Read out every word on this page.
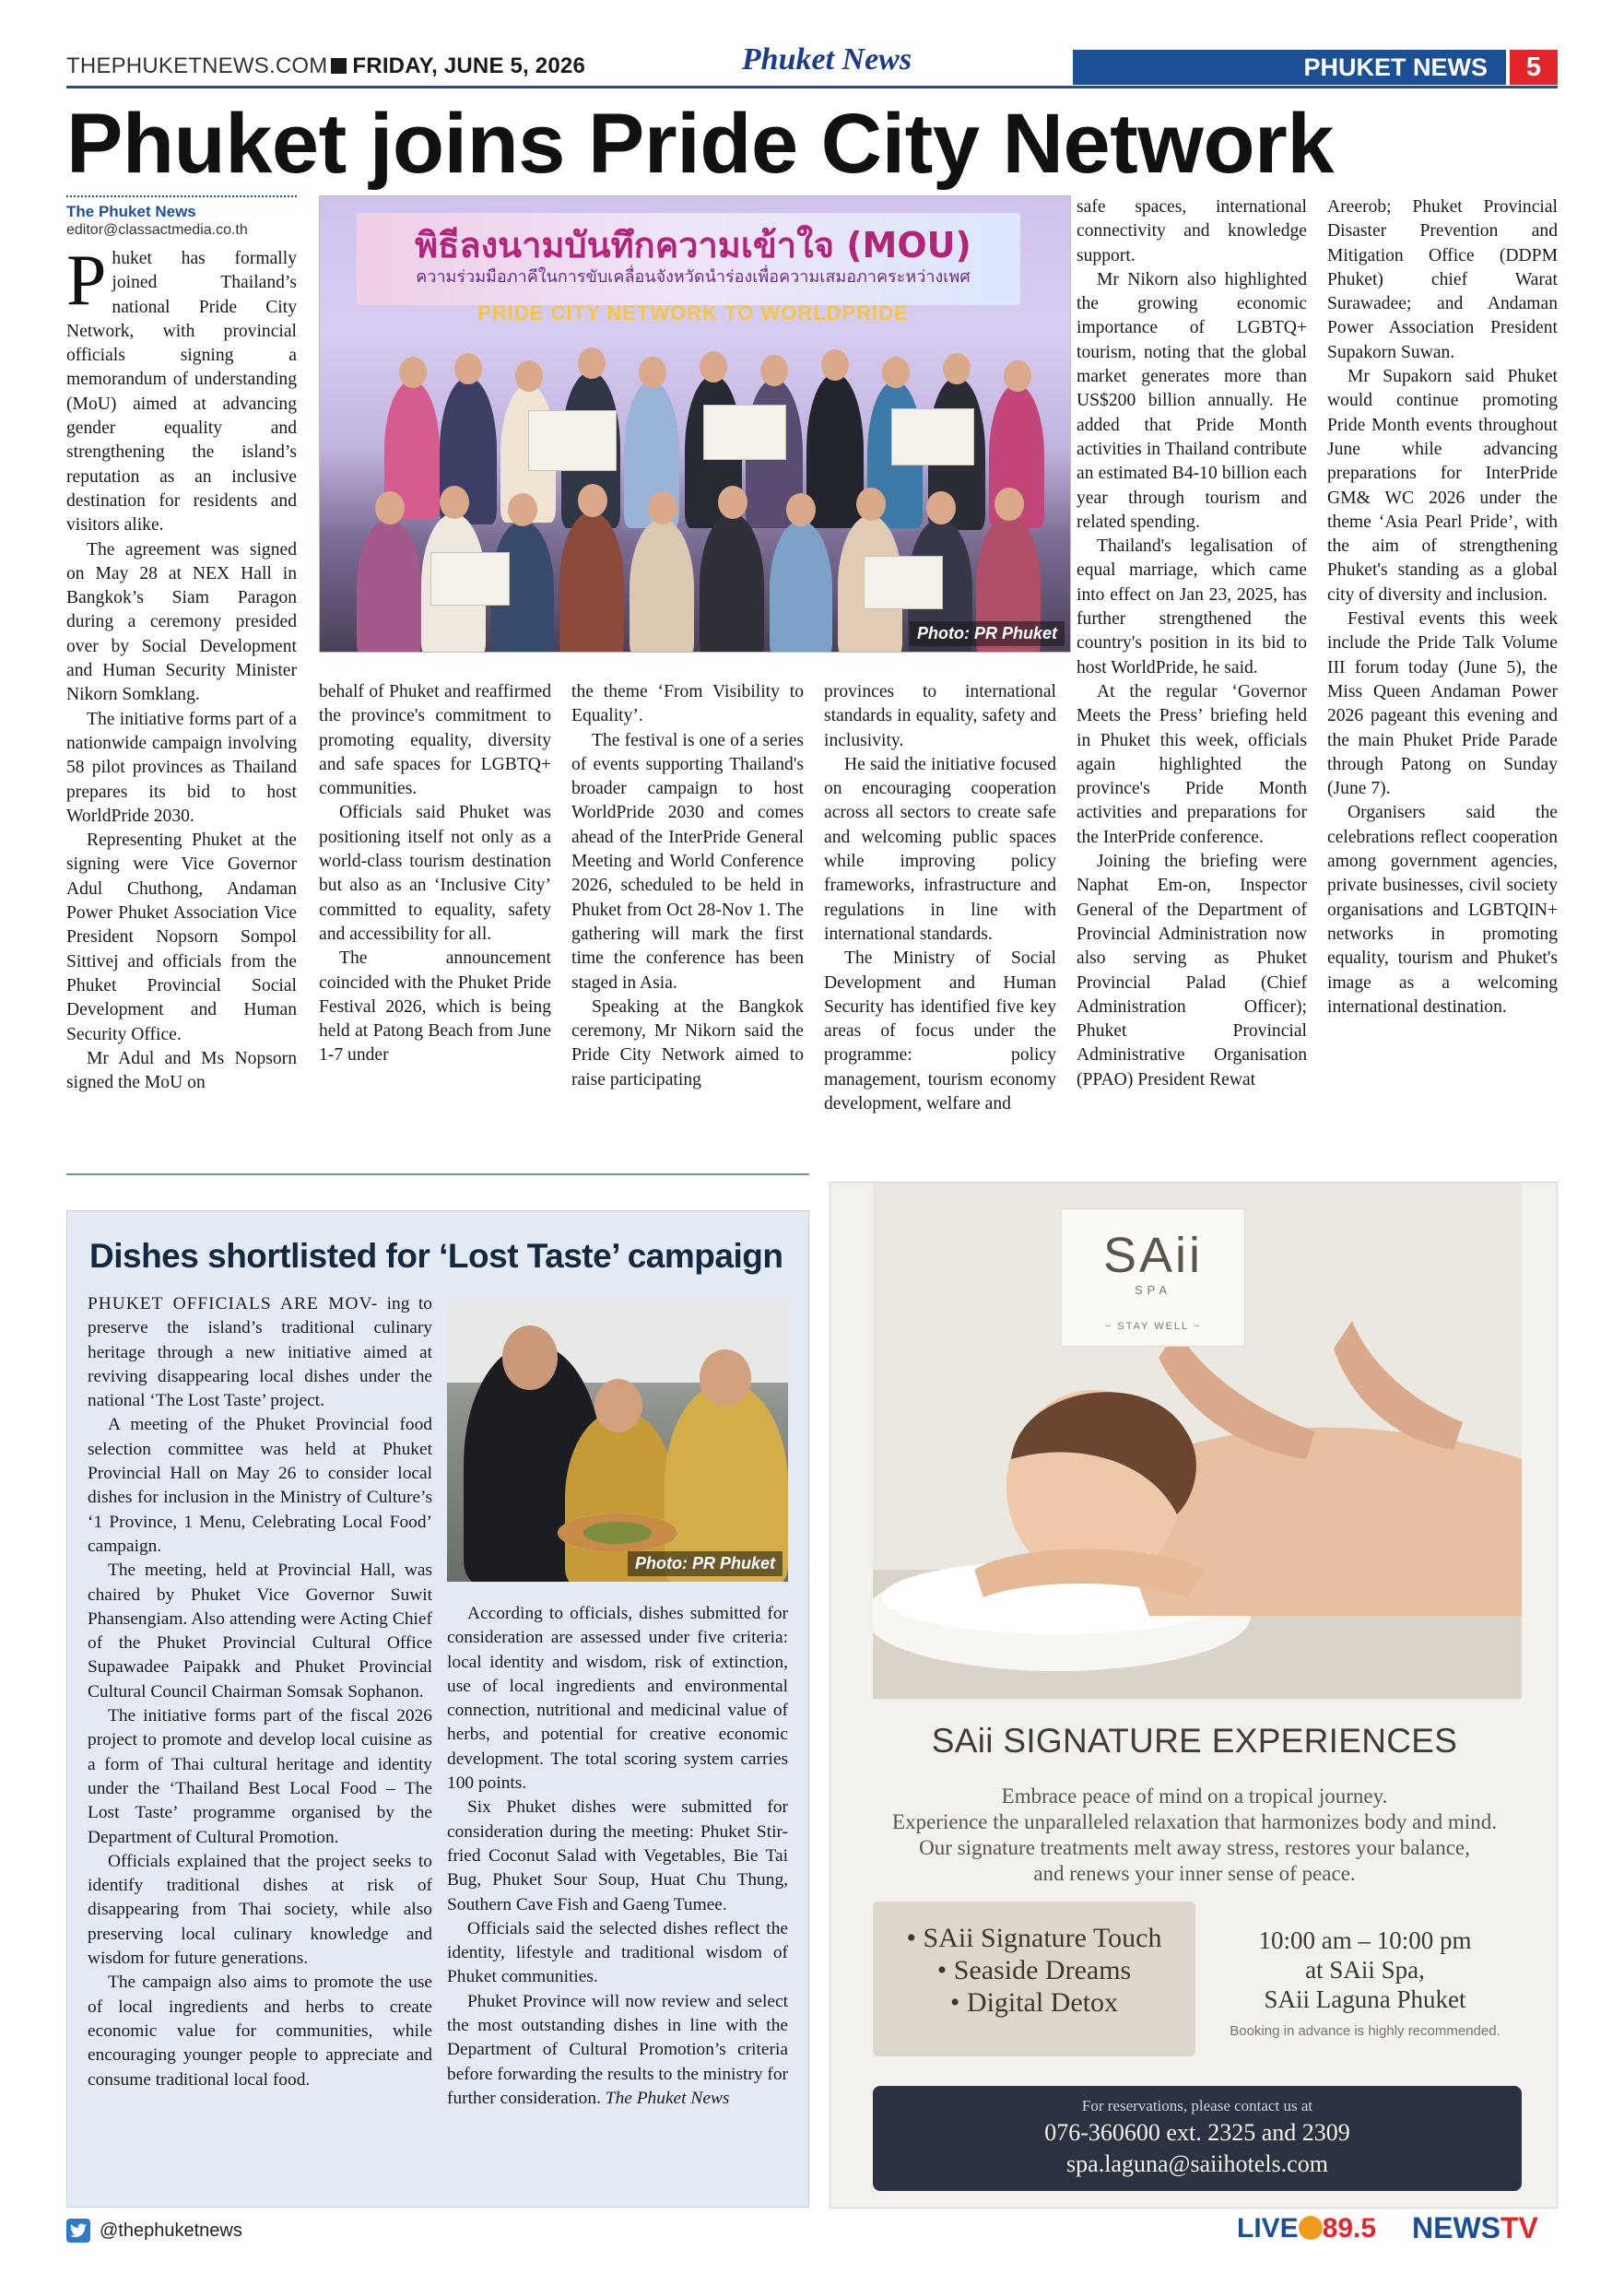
THEPHUKETNEWS.COM FRIDAY, JUNE 5, 2026	Phuket News	PHUKET NEWS	5
Phuket joins Pride City Network
The Phuket News
editor@classactmedia.co.th

Phuket has formally joined Thailand’s national Pride City Network, with provincial officials signing a memorandum of understanding (MoU) aimed at advancing gender equality and strengthening the island’s reputation as an inclusive destination for residents and visitors alike.

The agreement was signed on May 28 at NEX Hall in Bangkok’s Siam Paragon during a ceremony presided over by Social Development and Human Security Minister Nikorn Somklang.

The initiative forms part of a nationwide campaign involving 58 pilot provinces as Thailand prepares its bid to host WorldPride 2030.

Representing Phuket at the signing were Vice Governor Adul Chuthong, Andaman Power Phuket Association Vice President Nopsorn Sompol Sittivej and officials from the Phuket Provincial Social Development and Human Security Office.

Mr Adul and Ms Nopsorn signed the MoU on

behalf of Phuket and reaffirmed the province's commitment to promoting equality, diversity and safe spaces for LGBTQ+ communities.

Officials said Phuket was positioning itself not only as a world-class tourism destination but also as an ‘Inclusive City’ committed to equality, safety and accessibility for all.

The announcement coincided with the Phuket Pride Festival 2026, which is being held at Patong Beach from June 1-7 under

the theme ‘From Visibility to Equality’.

The festival is one of a series of events supporting Thailand's broader campaign to host WorldPride 2030 and comes ahead of the InterPride General Meeting and World Conference 2026, scheduled to be held in Phuket from Oct 28-Nov 1. The gathering will mark the first time the conference has been staged in Asia.

Speaking at the Bangkok ceremony, Mr Nikorn said the Pride City Network aimed to raise participating

provinces to international standards in equality, safety and inclusivity.

He said the initiative focused on encouraging cooperation across all sectors to create safe and welcoming public spaces while improving policy frameworks, infrastructure and regulations in line with international standards.

The Ministry of Social Development and Human Security has identified five key areas of focus under the programme: policy management, tourism economy development, welfare and

safe spaces, international connectivity and knowledge support.

Mr Nikorn also highlighted the growing economic importance of LGBTQ+ tourism, noting that the global market generates more than US$200 billion annually. He added that Pride Month activities in Thailand contribute an estimated B4-10 billion each year through tourism and related spending.

Thailand's legalisation of equal marriage, which came into effect on Jan 23, 2025, has further strengthened the country's position in its bid to host WorldPride, he said.

At the regular ‘Governor Meets the Press’ briefing held in Phuket this week, officials again highlighted the province's Pride Month activities and preparations for the InterPride conference.

Joining the briefing were Naphat Em-on, Inspector General of the Department of Provincial Administration now also serving as Phuket Provincial Palad (Chief Administration Officer); Phuket Provincial Administrative Organisation (PPAO) President Rewat

Areerob; Phuket Provincial Disaster Prevention and Mitigation Office (DDPM Phuket) chief Warat Surawadee; and Andaman Power Association President Supakorn Suwan.

Mr Supakorn said Phuket would continue promoting Pride Month events throughout June while advancing preparations for InterPride GM& WC 2026 under the theme ‘Asia Pearl Pride’, with the aim of strengthening Phuket's standing as a global city of diversity and inclusion.

Festival events this week include the Pride Talk Volume III forum today (June 5), the Miss Queen Andaman Power 2026 pageant this evening and the main Phuket Pride Parade through Patong on Sunday (June 7).

Organisers said the celebrations reflect cooperation among government agencies, private businesses, civil society organisations and LGBTQIN+ networks in promoting equality, tourism and Phuket's image as a welcoming international destination.

พิธีลงนามบันทึกความเข้าใจ (MOU)
ความร่วมมือภาคีในการขับเคลื่อนจังหวัดนำร่องเพื่อความเสมอภาคระหว่างเพศ
PRIDE CITY NETWORK TO WORLDPRIDE
Photo: PR Phuket
Dishes shortlisted for ‘Lost Taste’ campaign

PHUKET OFFICIALS ARE MOV- ing to preserve the island’s traditional culinary heritage through a new initiative aimed at reviving disappearing local dishes under the national ‘The Lost Taste’ project.

A meeting of the Phuket Provincial food selection committee was held at Phuket Provincial Hall on May 26 to consider local dishes for inclusion in the Ministry of Culture’s ‘1 Province, 1 Menu, Celebrating Local Food’ campaign.

The meeting, held at Provincial Hall, was chaired by Phuket Vice Governor Suwit Phansengiam. Also attending were Acting Chief of the Phuket Provincial Cultural Office Supawadee Paipakk and Phuket Provincial Cultural Council Chairman Somsak Sophanon.

The initiative forms part of the fiscal 2026 project to promote and develop local cuisine as a form of Thai cultural heritage and identity under the ‘Thailand Best Local Food – The Lost Taste’ programme organised by the Department of Cultural Promotion.

Officials explained that the project seeks to identify traditional dishes at risk of disappearing from Thai society, while also preserving local culinary knowledge and wisdom for future generations.

The campaign also aims to promote the use of local ingredients and herbs to create economic value for communities, while encouraging younger people to appreciate and consume traditional local food.

Photo: PR Phuket

According to officials, dishes submitted for consideration are assessed under five criteria: local identity and wisdom, risk of extinction, use of local ingredients and environmental connection, nutritional and medicinal value of herbs, and potential for creative economic development. The total scoring system carries 100 points.

Six Phuket dishes were submitted for consideration during the meeting: Phuket Stir-fried Coconut Salad with Vegetables, Bie Tai Bug, Phuket Sour Soup, Huat Chu Thung, Southern Cave Fish and Gaeng Tumee.

Officials said the selected dishes reflect the identity, lifestyle and traditional wisdom of Phuket communities.

Phuket Province will now review and select the most outstanding dishes in line with the Department of Cultural Promotion’s criteria before forwarding the results to the ministry for further consideration. The Phuket News

SAii
SPA
~ STAY WELL ~
SAii SIGNATURE EXPERIENCES
Embrace peace of mind on a tropical journey.
Experience the unparalleled relaxation that harmonizes body and mind.
Our signature treatments melt away stress, restores your balance,
and renews your inner sense of peace.
• SAii Signature Touch
• Seaside Dreams
• Digital Detox
10:00 am – 10:00 pm
at SAii Spa,
SAii Laguna Phuket
Booking in advance is highly recommended.
For reservations, please contact us at
076-360600 ext. 2325 and 2309
spa.laguna@saiihotels.com
@thephuketnews	LIVE 89.5 NEWSTV
